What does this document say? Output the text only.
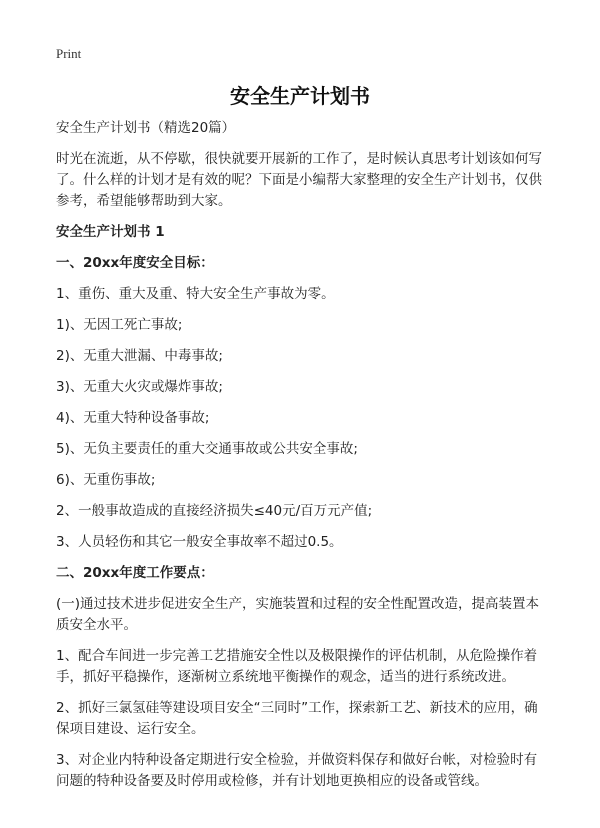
Print
安全生产计划书

安全生产计划书（精选20篇）

时光在流逝，从不停歇，很快就要开展新的工作了，是时候认真思考计划该如何写了。什么样的计划才是有效的呢？下面是小编帮大家整理的安全生产计划书，仅供参考，希望能够帮助到大家。

安全生产计划书 1

一、20xx年度安全目标：

1、重伤、重大及重、特大安全生产事故为零。

1)、无因工死亡事故;

2)、无重大泄漏、中毒事故;

3)、无重大火灾或爆炸事故;

4)、无重大特种设备事故;

5)、无负主要责任的重大交通事故或公共安全事故;

6)、无重伤事故;

2、一般事故造成的直接经济损失≤40元/百万元产值;

3、人员轻伤和其它一般安全事故率不超过0.5。

二、20xx年度工作要点：

(一)通过技术进步促进安全生产，实施装置和过程的安全性配置改造，提高装置本质安全水平。

1、配合车间进一步完善工艺措施安全性以及极限操作的评估机制，从危险操作着手，抓好平稳操作，逐渐树立系统地平衡操作的观念，适当的进行系统改进。

2、抓好三氯氢硅等建设项目安全“三同时”工作，探索新工艺、新技术的应用，确保项目建设、运行安全。

3、对企业内特种设备定期进行安全检验，并做资料保存和做好台帐，对检验时有问题的特种设备要及时停用或检修，并有计划地更换相应的设备或管线。
